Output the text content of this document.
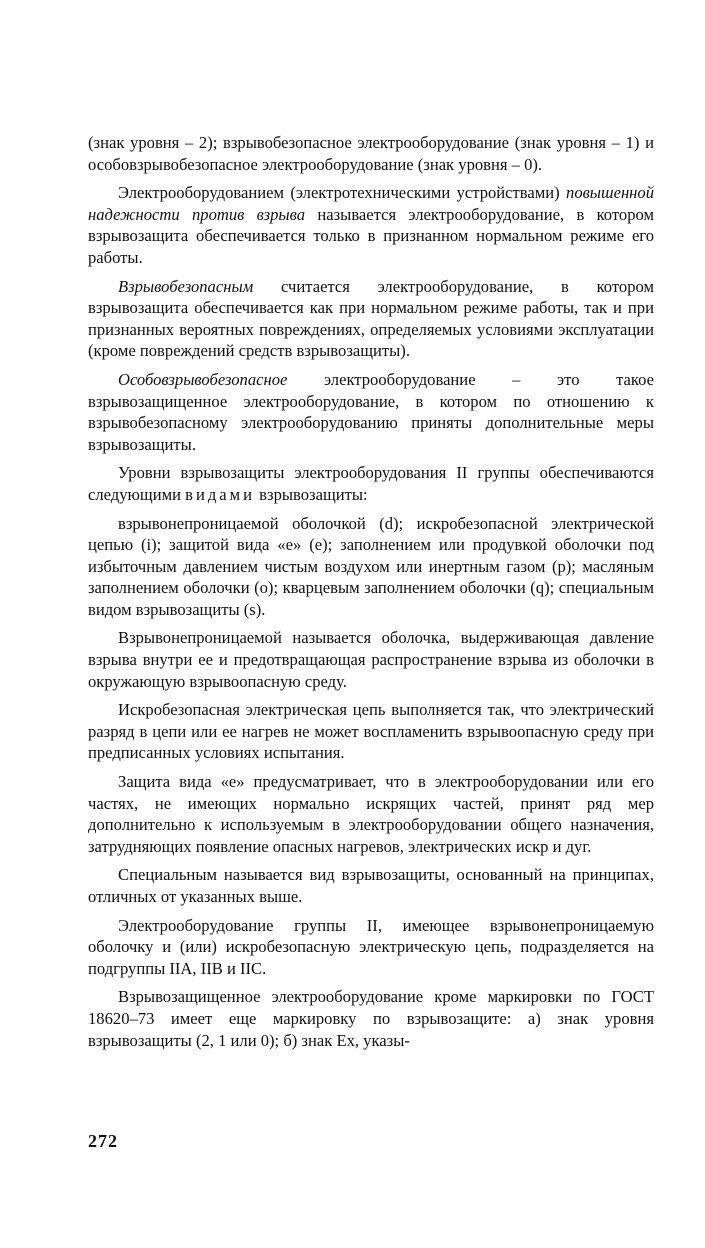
(знак уровня – 2); взрывобезопасное электрооборудование (знак уровня – 1) и особовзрывобезопасное электрооборудование (знак уровня – 0).

Электрооборудованием (электротехническими устройствами) повышенной надежности против взрыва называется электрооборудование, в котором взрывозащита обеспечивается только в признанном нормальном режиме его работы.

Взрывобезопасным считается электрооборудование, в котором взрывозащита обеспечивается как при нормальном режиме работы, так и при признанных вероятных повреждениях, определяемых условиями эксплуатации (кроме повреждений средств взрывозащиты).

Особовзрывобезопасное электрооборудование – это такое взрывозащищенное электрооборудование, в котором по отношению к взрывобезопасному электрооборудованию приняты дополнительные меры взрывозащиты.

Уровни взрывозащиты электрооборудования II группы обеспечиваются следующими видами взрывозащиты:

взрывонепроницаемой оболочкой (d); искробезопасной электрической цепью (i); защитой вида «е» (е); заполнением или продувкой оболочки под избыточным давлением чистым воздухом или инертным газом (р); масляным заполнением оболочки (о); кварцевым заполнением оболочки (q); специальным видом взрывозащиты (s).

Взрывонепроницаемой называется оболочка, выдерживающая давление взрыва внутри ее и предотвращающая распространение взрыва из оболочки в окружающую взрывоопасную среду.

Искробезопасная электрическая цепь выполняется так, что электрический разряд в цепи или ее нагрев не может воспламенить взрывоопасную среду при предписанных условиях испытания.

Защита вида «е» предусматривает, что в электрооборудовании или его частях, не имеющих нормально искрящих частей, принят ряд мер дополнительно к используемым в электрооборудовании общего назначения, затрудняющих появление опасных нагревов, электрических искр и дуг.

Специальным называется вид взрывозащиты, основанный на принципах, отличных от указанных выше.

Электрооборудование группы II, имеющее взрывонепроницаемую оболочку и (или) искробезопасную электрическую цепь, подразделяется на подгруппы IIА, IIВ и IIС.

Взрывозащищенное электрооборудование кроме маркировки по ГОСТ 18620–73 имеет еще маркировку по взрывозащите: а) знак уровня взрывозащиты (2, 1 или 0); б) знак Ех, указы-

272
